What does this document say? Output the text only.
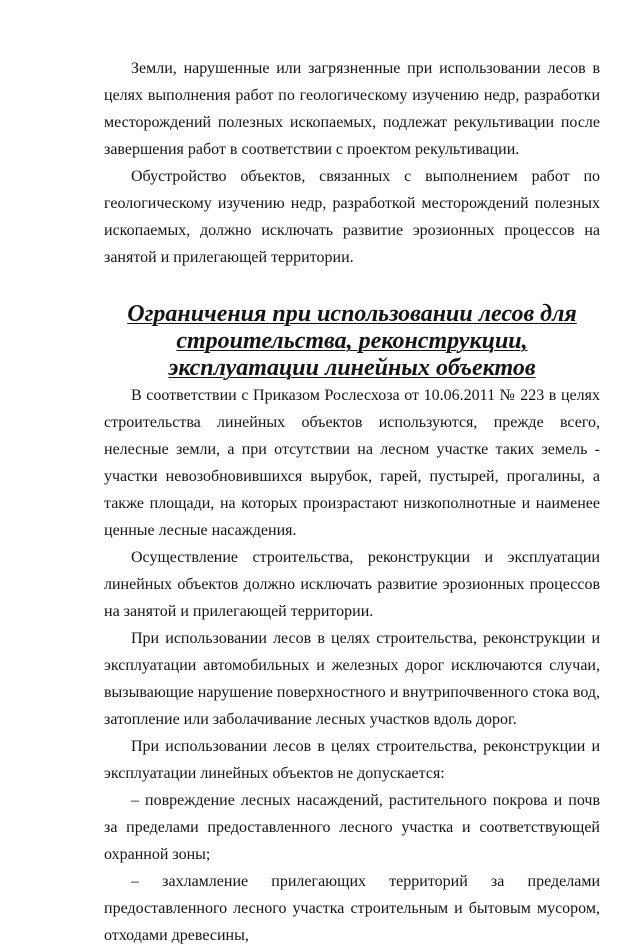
Земли, нарушенные или загрязненные при использовании лесов в целях выполнения работ по геологическому изучению недр, разработки месторождений полезных ископаемых, подлежат рекультивации после завершения работ в соответствии с проектом рекультивации.

Обустройство объектов, связанных с выполнением работ по геологическому изучению недр, разработкой месторождений полезных ископаемых, должно исключать развитие эрозионных процессов на занятой и прилегающей территории.

Ограничения при использовании лесов для строительства, реконструкции,
эксплуатации линейных объектов

В соответствии с Приказом Рослесхоза от 10.06.2011 № 223 в целях строительства линейных объектов используются, прежде всего, нелесные земли, а при отсутствии на лесном участке таких земель - участки невозобновившихся вырубок, гарей, пустырей, прогалины, а также площади, на которых произрастают низкополнотные и наименее ценные лесные насаждения.

Осуществление строительства, реконструкции и эксплуатации линейных объектов должно исключать развитие эрозионных процессов на занятой и прилегающей территории.

При использовании лесов в целях строительства, реконструкции и эксплуатации автомобильных и железных дорог исключаются случаи, вызывающие нарушение поверхностного и внутрипочвенного стока вод, затопление или заболачивание лесных участков вдоль дорог.

При использовании лесов в целях строительства, реконструкции и эксплуатации линейных объектов не допускается:

– повреждение лесных насаждений, растительного покрова и почв за пределами предоставленного лесного участка и соответствующей охранной зоны;

– захламление прилегающих территорий за пределами предоставленного лесного участка строительным и бытовым мусором, отходами древесины,
